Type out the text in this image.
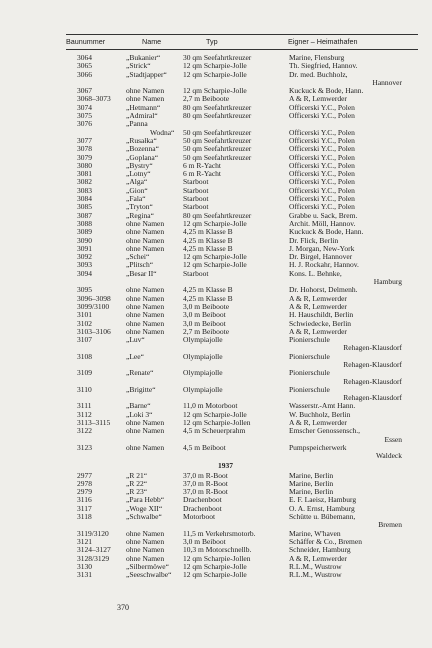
Baunummer	Name	Typ	Eigner – Heimathafen
3064	„Bukanier“	30 qm Seefahrtkreuzer	Marine, Flensburg
3065	„Strick“	12 qm Scharpie-Jolle	Th. Siegfried, Hannov.
3066	„Stadtjapper“ 12 qm Scharpie-Jolle	Dr. med. Buchholz,
Hannover
3067	ohne Namen	12 qm Scharpie-Jolle	Kuckuck & Bode, Hann.
3068–3073 ohne Namen	2,7 m Beiboote	A & R, Lemwerder
3074	„Hetmann“	80 qm Seefahrtkreuzer	Officerski Y.C., Polen
3075	„Admiral“	80 qm Seefahrtkreuzer	Officerski Y.C., Polen
3076	„Panna
Wodna“ 50 qm Seefahrtkreuzer	Officerski Y.C., Polen
3077	„Rusałka“	50 qm Seefahrtkreuzer	Officerski Y.C., Polen
3078	„Bozenna“	50 qm Seefahrtkreuzer	Officerski Y.C., Polen
3079	„Goplana“	50 qm Seefahrtkreuzer	Officerski Y.C., Polen
3080	„Bystry“	6 m R-Yacht	Officerski Y.C., Polen
3081	„Lotny“	6 m R-Yacht	Officerski Y.C., Polen
3082	„Alga“	Starboot	Officerski Y.C., Polen
3083	„Gion“	Starboot	Officerski Y.C., Polen
3084	„Fala“	Starboot	Officerski Y.C., Polen
3085	„Tryton“	Starboot	Officerski Y.C., Polen
3087	„Regina“	80 qm Seefahrtkreuzer	Grabbe u. Sack, Brem.
3088	ohne Namen	12 qm Scharpie-Jolle	Archit. Möll, Hannov.
3089	ohne Namen	4,25 m Klasse B	Kuckuck & Bode, Hann.
3090	ohne Namen	4,25 m Klasse B	Dr. Flick, Berlin
3091	ohne Namen	4,25 m Klasse B	J. Morgan, New-York
3092	„Schei“	12 qm Scharpie-Jolle	Dr. Birgel, Hannover
3093	„Plitsch“	12 qm Scharpie-Jolle	H. J. Rockahr, Hannov.
3094	„Besar II“	Starboot	Kons. L. Behnke,
Hamburg
3095	ohne Namen	4,25 m Klasse B	Dr. Hohorst, Delmenh.
3096–3098 ohne Namen	4,25 m Klasse B	A & R, Lemwerder
3099/3100 ohne Namen	3,0 m Beiboote	A & R, Lemwerder
3101	ohne Namen	3,0 m Beiboot	H. Hauschildt, Berlin
3102	ohne Namen	3,0 m Beiboot	Schwiedecke, Berlin
3103–3106 ohne Namen	2,7 m Beiboote	A & R, Lemwerder
3107	„Luv“	Olympiajolle	Pionierschule
Rehagen-Klausdorf
3108	„Lee“	Olympiajolle	Pionierschule
Rehagen-Klausdorf
3109	„Renate“	Olympiajolle	Pionierschule
Rehagen-Klausdorf
3110	„Brigitte“	Olympiajolle	Pionierschule
Rehagen-Klausdorf
3111	„Barne“	11,0 m Motorboot	Wasserstr.-Amt Hann.
3112	„Loki 3“	12 qm Scharpie-Jolle	W. Buchholz, Berlin
3113–3115 ohne Namen	12 qm Scharpie-Jollen	A & R, Lemwerder
3122	ohne Namen	4,5 m Scheuerprahm	Emscher Genossensch.,
Essen
3123	ohne Namen	4,5 m Beiboot	Pumpspeicherwerk
Waldeck
1937
2977	„R 21“	37,0 m R-Boot	Marine, Berlin
2978	„R 22“	37,0 m R-Boot	Marine, Berlin
2979	„R 23“	37,0 m R-Boot	Marine, Berlin
3116	„Para Hebb“	Drachenboot	E. F. Laeisz, Hamburg
3117	„Woge XII“	Drachenboot	O. A. Ernst, Hamburg
3118	„Schwalbe“	Motorboot	Schütte u. Bübemann,
Bremen
3119/3120 ohne Namen	11,5 m Verkehrsmotorb.	Marine, W'haven
3121	ohne Namen	3,0 m Beiboot	Schäffer & Co., Bremen
3124–3127 ohne Namen	10,3 m Motorschnellb.	Schneider, Hamburg
3128/3129 ohne Namen	12 qm Scharpie-Jollen	A & R, Lemwerder
3130	„Silbermöwe“ 12 qm Scharpie-Jolle	R.L.M., Wustrow
3131	„Seeschwalbe“ 12 qm Scharpie-Jolle	R.L.M., Wustrow
370
